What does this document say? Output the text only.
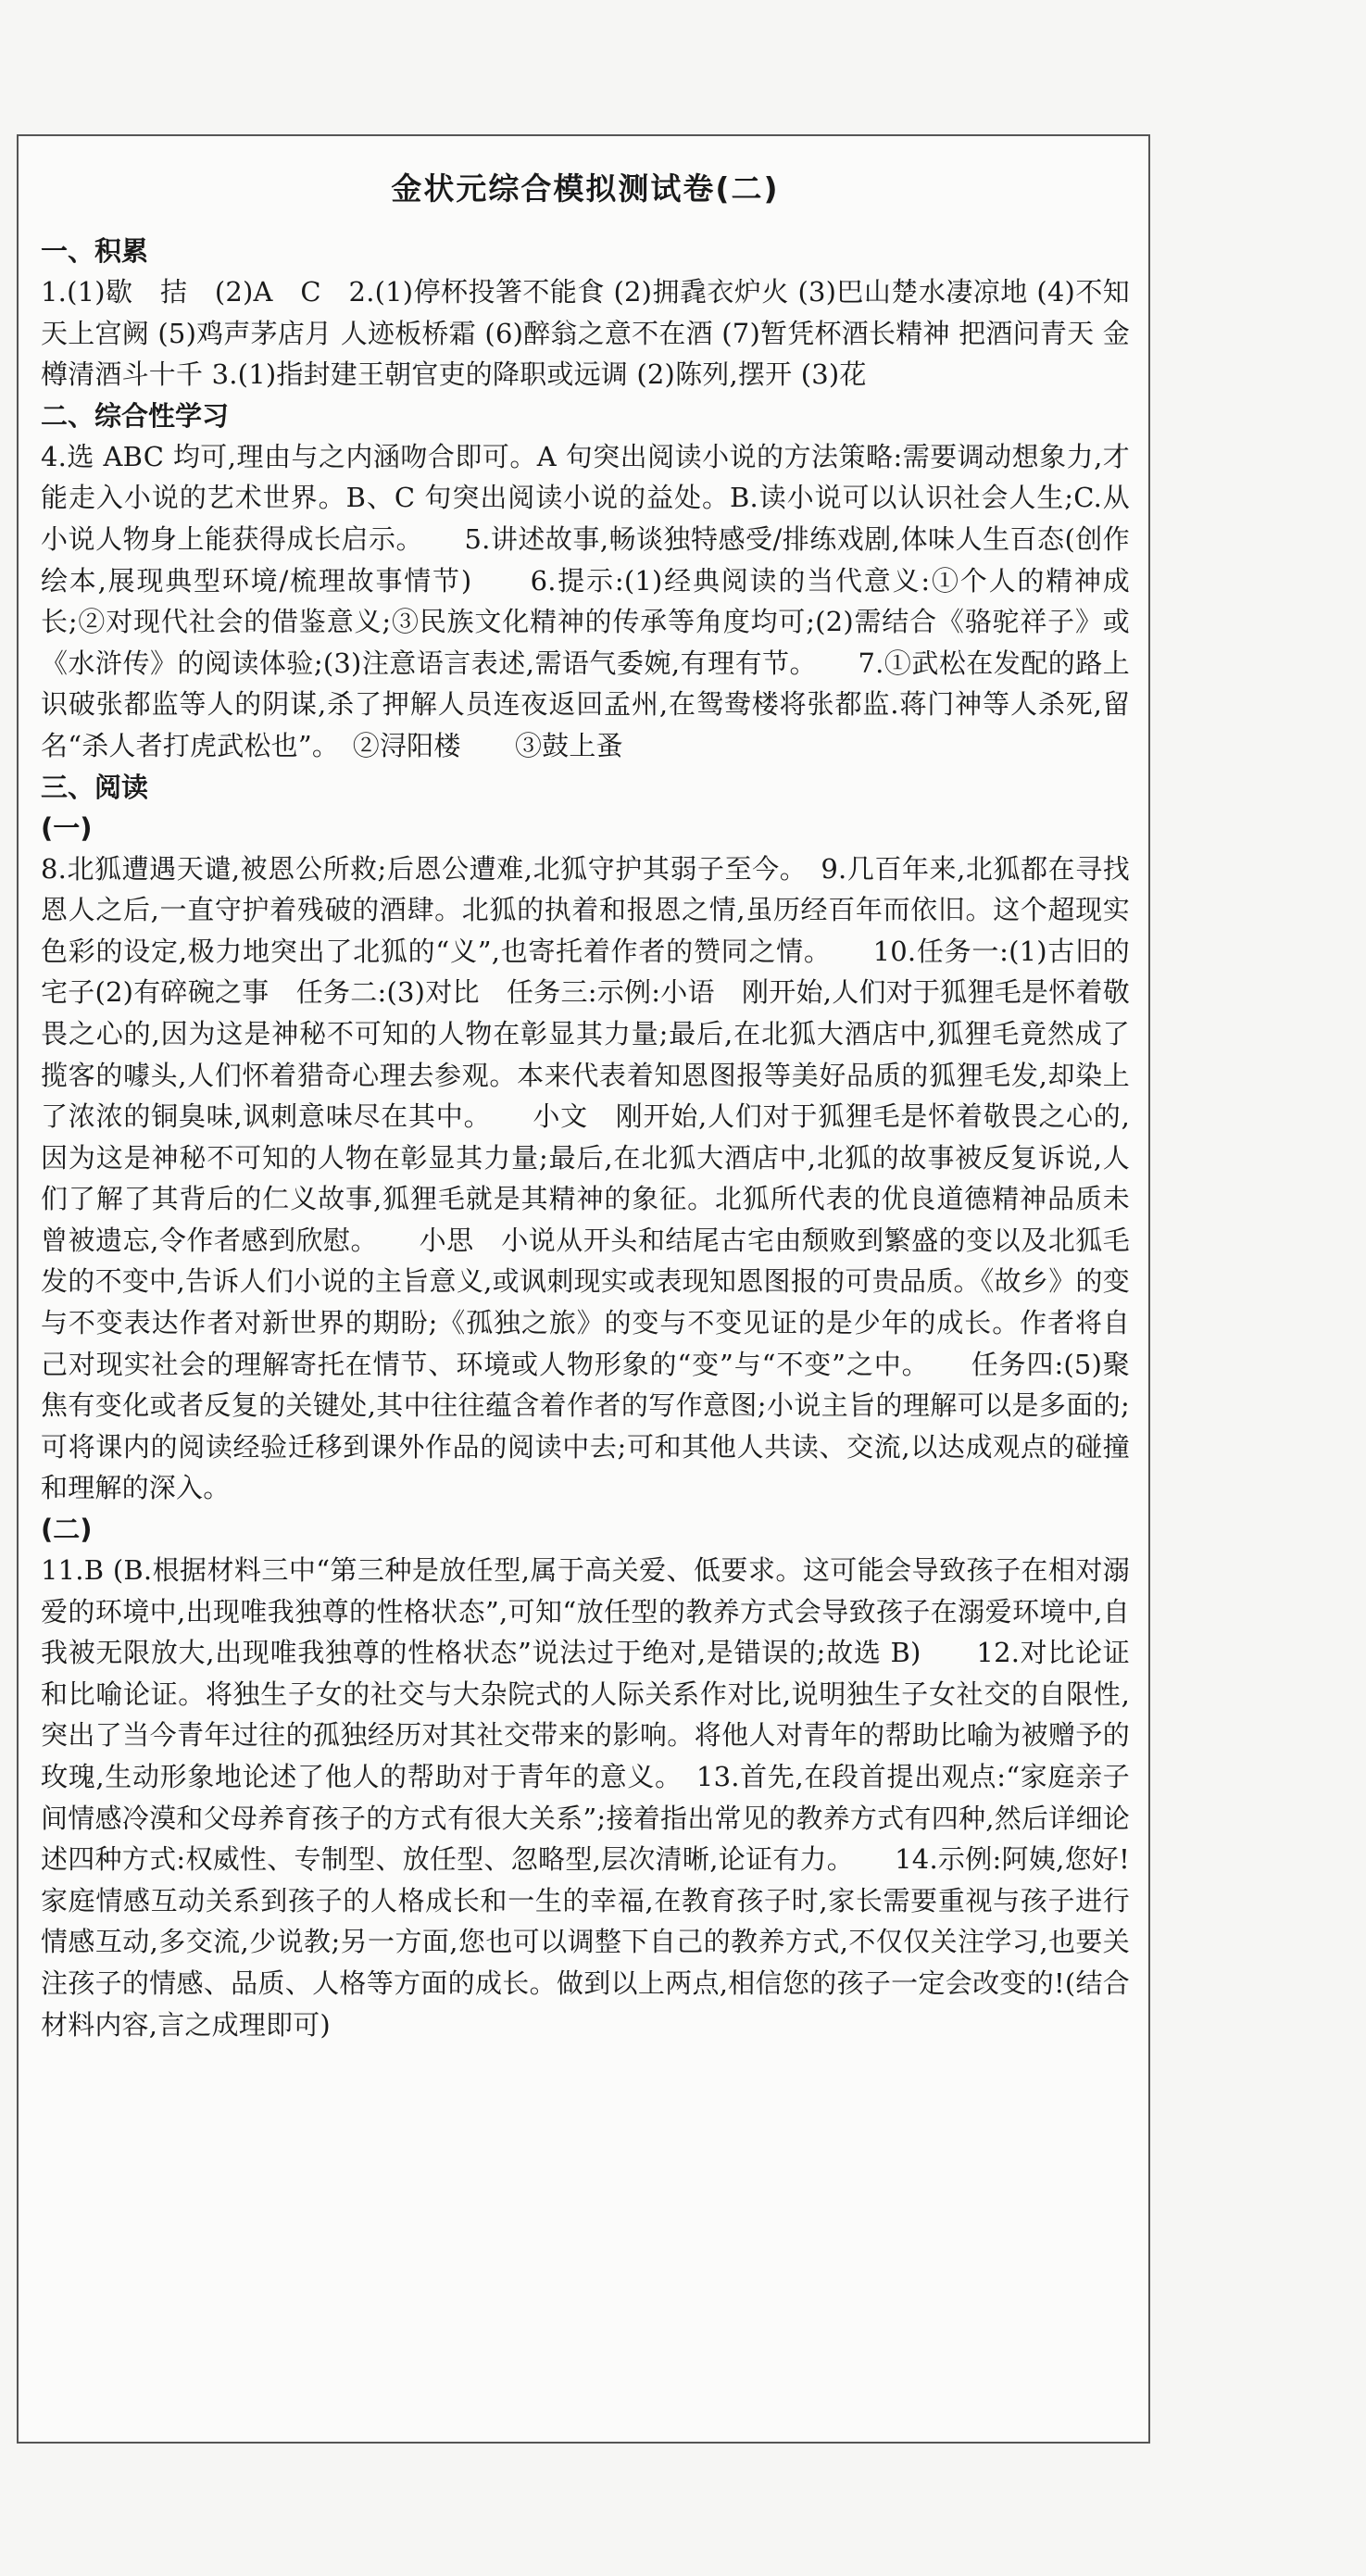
金状元综合模拟测试卷(二)
一、积累

1.(1)歇　拮　(2)A　C　2.(1)停杯投箸不能食 (2)拥毳衣炉火 (3)巴山楚水凄凉地 (4)不知天上宫阙 (5)鸡声茅店月 人迹板桥霜 (6)醉翁之意不在酒 (7)暂凭杯酒长精神 把酒问青天 金樽清酒斗十千 3.(1)指封建王朝官吏的降职或远调 (2)陈列,摆开 (3)花

二、综合性学习

4.选 ABC 均可,理由与之内涵吻合即可。A 句突出阅读小说的方法策略:需要调动想象力,才能走入小说的艺术世界。B、C 句突出阅读小说的益处。B.读小说可以认识社会人生;C.从小说人物身上能获得成长启示。　　5.讲述故事,畅谈独特感受/排练戏剧,体味人生百态(创作绘本,展现典型环境/梳理故事情节)　　6.提示:(1)经典阅读的当代意义:①个人的精神成长;②对现代社会的借鉴意义;③民族文化精神的传承等角度均可;(2)需结合《骆驼祥子》或《水浒传》的阅读体验;(3)注意语言表述,需语气委婉,有理有节。　　7.①武松在发配的路上识破张都监等人的阴谋,杀了押解人员连夜返回孟州,在鸳鸯楼将张都监.蒋门神等人杀死,留名“杀人者打虎武松也”。　②浔阳楼　　③鼓上蚤

三、阅读
(一)

8.北狐遭遇天谴,被恩公所救;后恩公遭难,北狐守护其弱子至今。　9.几百年来,北狐都在寻找恩人之后,一直守护着残破的酒肆。北狐的执着和报恩之情,虽历经百年而依旧。这个超现实色彩的设定,极力地突出了北狐的“义”,也寄托着作者的赞同之情。　　10.任务一:(1)古旧的宅子(2)有碎碗之事　任务二:(3)对比　任务三:示例:小语　刚开始,人们对于狐狸毛是怀着敬畏之心的,因为这是神秘不可知的人物在彰显其力量;最后,在北狐大酒店中,狐狸毛竟然成了揽客的噱头,人们怀着猎奇心理去参观。本来代表着知恩图报等美好品质的狐狸毛发,却染上了浓浓的铜臭味,讽刺意味尽在其中。　　小文　刚开始,人们对于狐狸毛是怀着敬畏之心的,因为这是神秘不可知的人物在彰显其力量;最后,在北狐大酒店中,北狐的故事被反复诉说,人们了解了其背后的仁义故事,狐狸毛就是其精神的象征。北狐所代表的优良道德精神品质未曾被遗忘,令作者感到欣慰。　　小思　小说从开头和结尾古宅由颓败到繁盛的变以及北狐毛发的不变中,告诉人们小说的主旨意义,或讽刺现实或表现知恩图报的可贵品质。《故乡》的变与不变表达作者对新世界的期盼;《孤独之旅》的变与不变见证的是少年的成长。作者将自己对现实社会的理解寄托在情节、环境或人物形象的“变”与“不变”之中。　　任务四:(5)聚焦有变化或者反复的关键处,其中往往蕴含着作者的写作意图;小说主旨的理解可以是多面的;可将课内的阅读经验迁移到课外作品的阅读中去;可和其他人共读、交流,以达成观点的碰撞和理解的深入。

(二)

11.B (B.根据材料三中“第三种是放任型,属于高关爱、低要求。这可能会导致孩子在相对溺爱的环境中,出现唯我独尊的性格状态”,可知“放任型的教养方式会导致孩子在溺爱环境中,自我被无限放大,出现唯我独尊的性格状态”说法过于绝对,是错误的;故选 B)　　12.对比论证和比喻论证。将独生子女的社交与大杂院式的人际关系作对比,说明独生子女社交的自限性,突出了当今青年过往的孤独经历对其社交带来的影响。将他人对青年的帮助比喻为被赠予的玫瑰,生动形象地论述了他人的帮助对于青年的意义。　13.首先,在段首提出观点:“家庭亲子间情感冷漠和父母养育孩子的方式有很大关系”;接着指出常见的教养方式有四种,然后详细论述四种方式:权威性、专制型、放任型、忽略型,层次清晰,论证有力。　　14.示例:阿姨,您好!家庭情感互动关系到孩子的人格成长和一生的幸福,在教育孩子时,家长需要重视与孩子进行情感互动,多交流,少说教;另一方面,您也可以调整下自己的教养方式,不仅仅关注学习,也要关注孩子的情感、品质、人格等方面的成长。做到以上两点,相信您的孩子一定会改变的!(结合材料内容,言之成理即可)
